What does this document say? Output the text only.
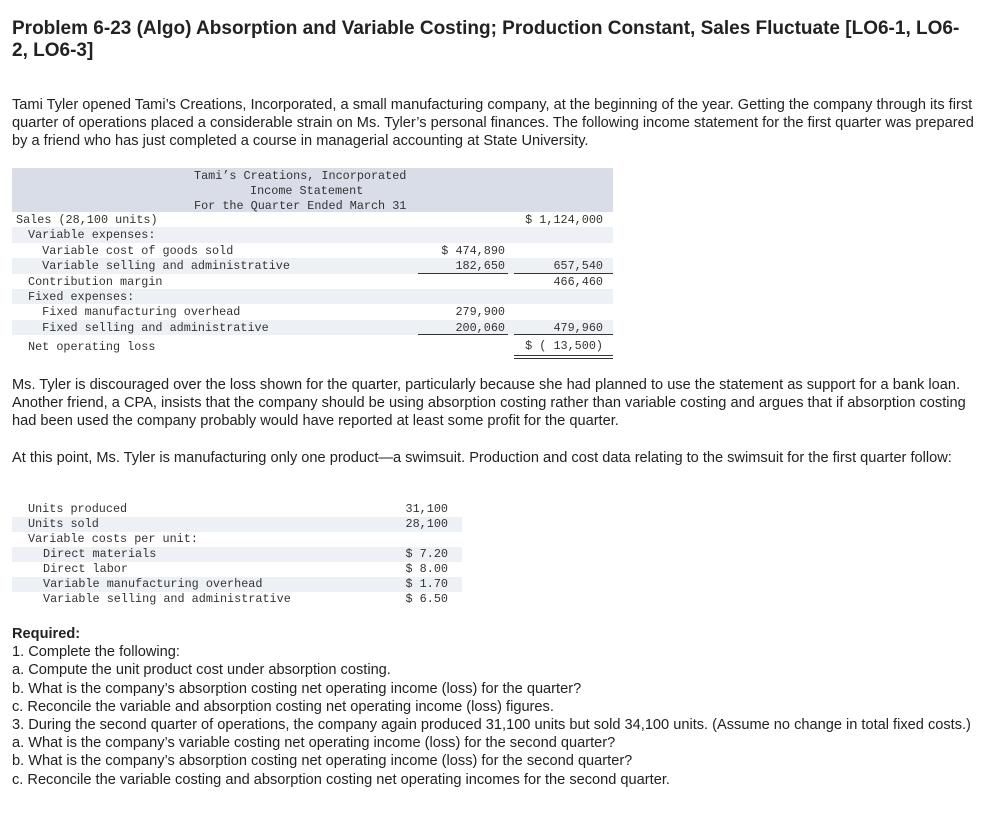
Problem 6-23 (Algo) Absorption and Variable Costing; Production Constant, Sales Fluctuate [LO6-1, LO6-2, LO6-3]
Tami Tyler opened Tami’s Creations, Incorporated, a small manufacturing company, at the beginning of the year. Getting the company through its first quarter of operations placed a considerable strain on Ms. Tyler’s personal finances. The following income statement for the first quarter was prepared by a friend who has just completed a course in managerial accounting at State University.
Tami’s Creations, Incorporated
Income Statement
For the Quarter Ended March 31
Sales (28,100 units)	$ 1,124,000
Variable expenses:
Variable cost of goods sold	$ 474,890
Variable selling and administrative	182,650	657,540
Contribution margin	466,460
Fixed expenses:
Fixed manufacturing overhead	279,900
Fixed selling and administrative	200,060	479,960
Net operating loss	$ ( 13,500)
Ms. Tyler is discouraged over the loss shown for the quarter, particularly because she had planned to use the statement as support for a bank loan. Another friend, a CPA, insists that the company should be using absorption costing rather than variable costing and argues that if absorption costing had been used the company probably would have reported at least some profit for the quarter.
At this point, Ms. Tyler is manufacturing only one product—a swimsuit. Production and cost data relating to the swimsuit for the first quarter follow:
Units produced	31,100
Units sold	28,100
Variable costs per unit:
Direct materials	$ 7.20
Direct labor	$ 8.00
Variable manufacturing overhead	$ 1.70
Variable selling and administrative	$ 6.50
Required:
1. Complete the following:
a. Compute the unit product cost under absorption costing.
b. What is the company’s absorption costing net operating income (loss) for the quarter?
c. Reconcile the variable and absorption costing net operating income (loss) figures.
3. During the second quarter of operations, the company again produced 31,100 units but sold 34,100 units. (Assume no change in total fixed costs.)
a. What is the company’s variable costing net operating income (loss) for the second quarter?
b. What is the company’s absorption costing net operating income (loss) for the second quarter?
c. Reconcile the variable costing and absorption costing net operating incomes for the second quarter.
